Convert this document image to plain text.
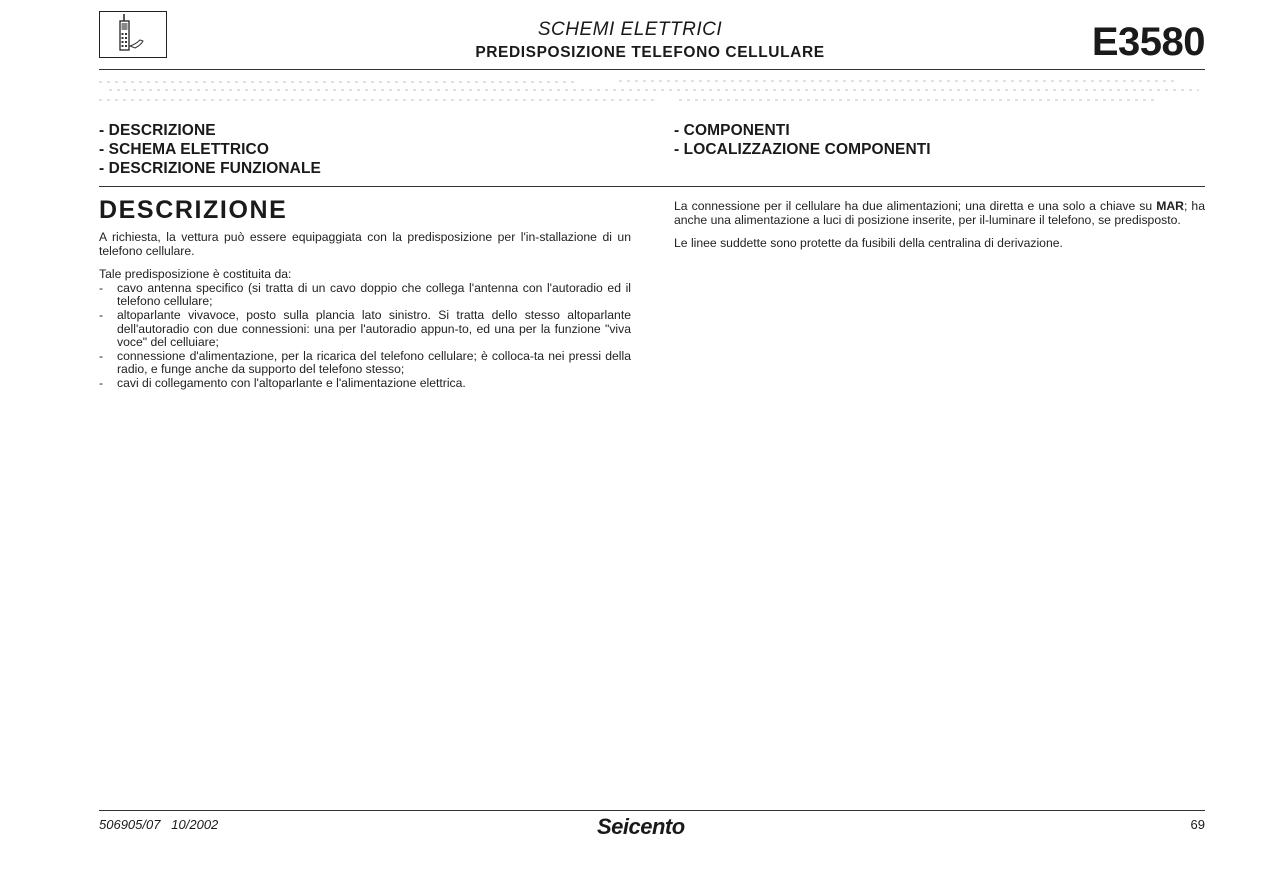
SCHEMI ELETTRICI
PREDISPOSIZIONE TELEFONO CELLULARE	E3580
- DESCRIZIONE
- SCHEMA ELETTRICO
- DESCRIZIONE FUNZIONALE
- COMPONENTI
- LOCALIZZAZIONE COMPONENTI
DESCRIZIONE

A richiesta, la vettura può essere equipaggiata con la predisposizione per l'in-stallazione di un telefono cellulare.

Tale predisposizione è costituita da:

- cavo antenna specifico (si tratta di un cavo doppio che collega l'antenna con l'autoradio ed il telefono cellulare;
- altoparlante vivavoce, posto sulla plancia lato sinistro. Si tratta dello stesso altoparlante dell'autoradio con due connessioni: una per l'autoradio appun-to, ed una per la funzione "viva voce" del celluiare;
- connessione d'alimentazione, per la ricarica del telefono cellulare; è colloca-ta nei pressi della radio, e funge anche da supporto del telefono stesso;
- cavi di collegamento con l'altoparlante e l'alimentazione elettrica.

La connessione per il cellulare ha due alimentazioni; una diretta e una solo a chiave su MAR; ha anche una alimentazione a luci di posizione inserite, per il-luminare il telefono, se predisposto.

Le linee suddette sono protette da fusibili della centralina di derivazione.

506905/07   10/2002	Seicento	69
